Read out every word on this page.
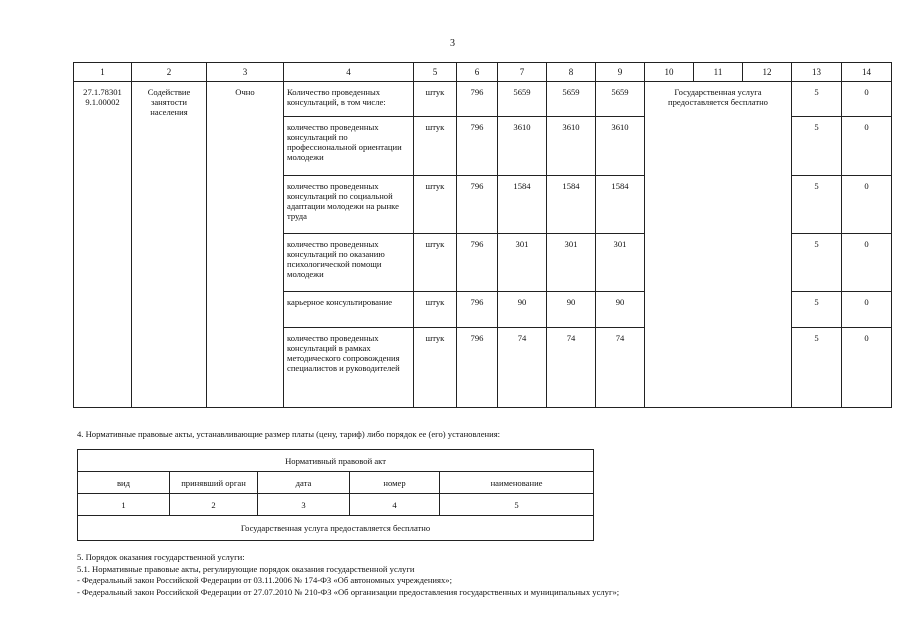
3
1	2	3	4	5	6	7	8	9	10	11	12	13	14
27.1.78301 9.1.00002	Содействие занятости населения	Очно	Количество проведенных консультаций, в том числе:	штук	796	5659	5659	5659	Государственная услуга предоставляется бесплатно			5	0
			количество проведенных консультаций по профессиональной ориентации молодежи	штук	796	3610	3610	3610				5	0
			количество проведенных консультаций по социальной адаптации молодежи на рынке труда	штук	796	1584	1584	1584				5	0
			количество проведенных консультаций по оказанию психологической помощи молодежи	штук	796	301	301	301				5	0
			карьерное консультирование	штук	796	90	90	90				5	0
			количество проведенных консультаций в рамках методического сопровождения специалистов и руководителей	штук	796	74	74	74				5	0
4. Нормативные правовые акты, устанавливающие размер платы (цену, тариф) либо порядок ее (его) установления:
Нормативный правовой акт				
вид	принявший орган	дата	номер	наименование
1	2	3	4	5
Государственная услуга предоставляется бесплатно				
5. Порядок оказания государственной услуги:
5.1. Нормативные правовые акты, регулирующие порядок оказания государственной услуги
- Федеральный закон Российской Федерации от 03.11.2006 № 174-ФЗ «Об автономных учреждениях»;
- Федеральный закон Российской Федерации от 27.07.2010 № 210-ФЗ «Об организации предоставления государственных и муниципальных услуг»;
